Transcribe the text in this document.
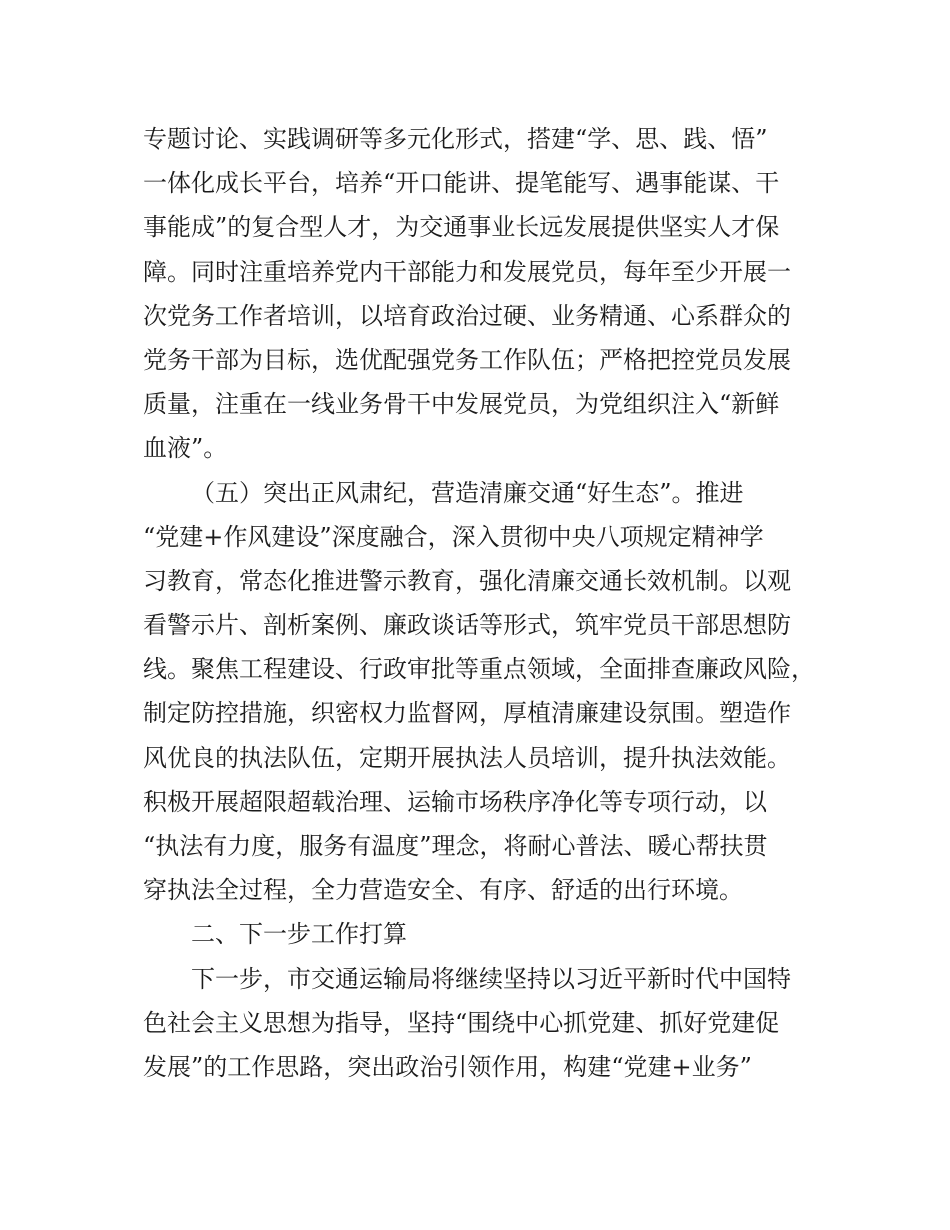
专题讨论、实践调研等多元化形式，搭建“学、思、践、悟”
一体化成长平台，培养“开口能讲、提笔能写、遇事能谋、干
事能成”的复合型人才，为交通事业长远发展提供坚实人才保
障。同时注重培养党内干部能力和发展党员，每年至少开展一
次党务工作者培训，以培育政治过硬、业务精通、心系群众的
党务干部为目标，选优配强党务工作队伍；严格把控党员发展
质量，注重在一线业务骨干中发展党员，为党组织注入“新鲜
血液”。
（五）突出正风肃纪，营造清廉交通“好生态”。推进
“党建+作风建设”深度融合，深入贯彻中央八项规定精神学
习教育，常态化推进警示教育，强化清廉交通长效机制。以观
看警示片、剖析案例、廉政谈话等形式，筑牢党员干部思想防
线。聚焦工程建设、行政审批等重点领域，全面排查廉政风险，
制定防控措施，织密权力监督网，厚植清廉建设氛围。塑造作
风优良的执法队伍，定期开展执法人员培训，提升执法效能。
积极开展超限超载治理、运输市场秩序净化等专项行动，以
“执法有力度，服务有温度”理念，将耐心普法、暖心帮扶贯
穿执法全过程，全力营造安全、有序、舒适的出行环境。
二、下一步工作打算
下一步，市交通运输局将继续坚持以习近平新时代中国特
色社会主义思想为指导，坚持“围绕中心抓党建、抓好党建促
发展”的工作思路，突出政治引领作用，构建“党建+业务”
